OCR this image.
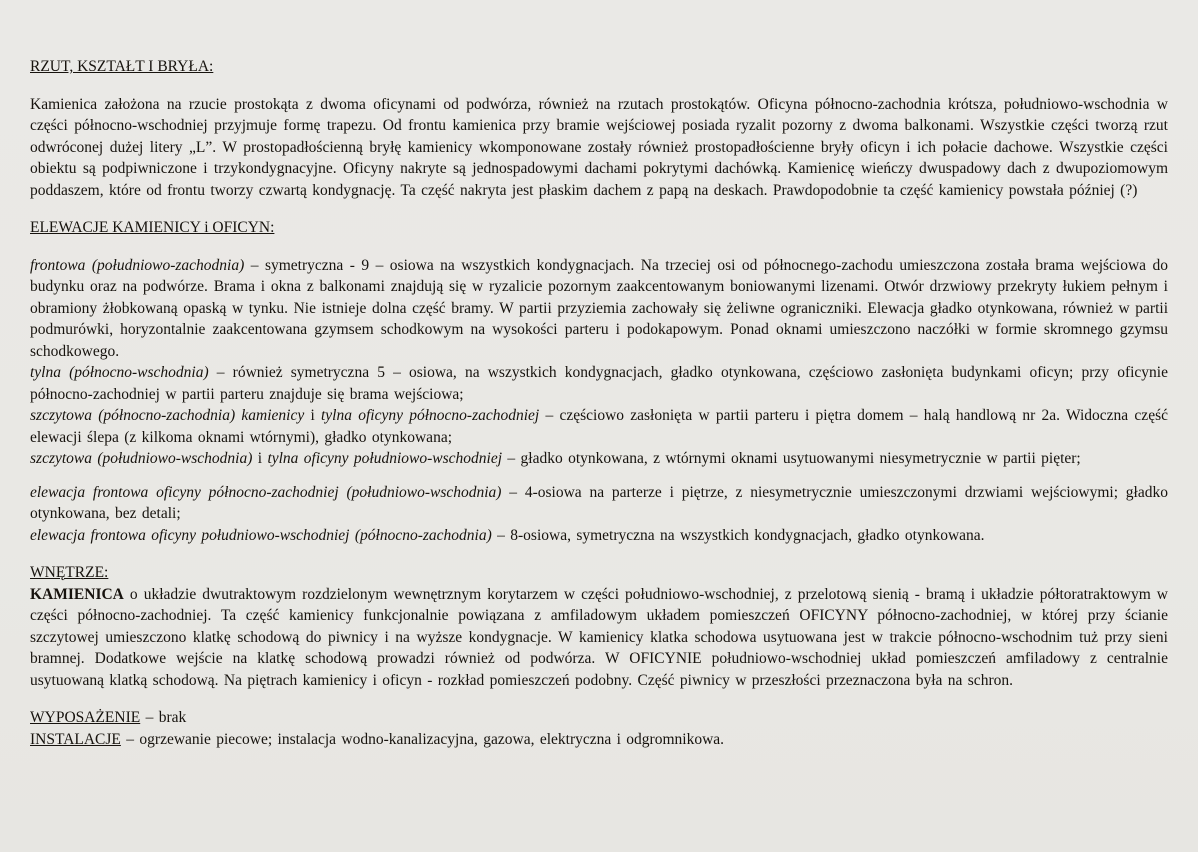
RZUT, KSZTAŁT I BRYŁA:

Kamienica założona na rzucie prostokąta z dwoma oficynami od podwórza, również na rzutach prostokątów. Oficyna północno-zachodnia krótsza, południowo-wschodnia w części północno-wschodniej przyjmuje formę trapezu. Od frontu kamienica przy bramie wejściowej posiada ryzalit pozorny z dwoma balkonami. Wszystkie części tworzą rzut odwróconej dużej litery „L”. W prostopadłościenną bryłę kamienicy wkomponowane zostały również prostopadłościenne bryły oficyn i ich połacie dachowe. Wszystkie części obiektu są podpiwniczone i trzykondygnacyjne. Oficyny nakryte są jednospadowymi dachami pokrytymi dachówką. Kamienicę wieńczy dwuspadowy dach z dwupoziomowym poddaszem, które od frontu tworzy czwartą kondygnację. Ta część nakryta jest płaskim dachem z papą na deskach. Prawdopodobnie ta część kamienicy powstała później (?)

ELEWACJE KAMIENICY i OFICYN:

frontowa (południowo-zachodnia) – symetryczna - 9 – osiowa na wszystkich kondygnacjach. Na trzeciej osi od północnego-zachodu umieszczona została brama wejściowa do budynku oraz na podwórze. Brama i okna z balkonami znajdują się w ryzalicie pozornym zaakcentowanym boniowanymi lizenami. Otwór drzwiowy przekryty łukiem pełnym i obramiony żłobkowaną opaską w tynku. Nie istnieje dolna część bramy. W partii przyziemia zachowały się żeliwne ograniczniki. Elewacja gładko otynkowana, również w partii podmurówki, horyzontalnie zaakcentowana gzymsem schodkowym na wysokości parteru i podokapowym. Ponad oknami umieszczono naczółki w formie skromnego gzymsu schodkowego.

tylna (północno-wschodnia) – również symetryczna 5 – osiowa, na wszystkich kondygnacjach, gładko otynkowana, częściowo zasłonięta budynkami oficyn; przy oficynie północno-zachodniej w partii parteru znajduje się brama wejściowa;

szczytowa (północno-zachodnia) kamienicy i tylna oficyny północno-zachodniej – częściowo zasłonięta w partii parteru i piętra domem – halą handlową nr 2a. Widoczna część elewacji ślepa (z kilkoma oknami wtórnymi), gładko otynkowana;

szczytowa (południowo-wschodnia) i tylna oficyny południowo-wschodniej – gładko otynkowana, z wtórnymi oknami usytuowanymi niesymetrycznie w partii pięter;

elewacja frontowa oficyny północno-zachodniej (południowo-wschodnia) – 4-osiowa na parterze i piętrze, z niesymetrycznie umieszczonymi drzwiami wejściowymi; gładko otynkowana, bez detali;

elewacja frontowa oficyny południowo-wschodniej (północno-zachodnia) – 8-osiowa, symetryczna na wszystkich kondygnacjach, gładko otynkowana.

WNĘTRZE:

KAMIENICA o układzie dwutraktowym rozdzielonym wewnętrznym korytarzem w części południowo-wschodniej, z przelotową sienią - bramą i układzie półtoratraktowym w części północno-zachodniej. Ta część kamienicy funkcjonalnie powiązana z amfiladowym układem pomieszczeń OFICYNY północno-zachodniej, w której przy ścianie szczytowej umieszczono klatkę schodową do piwnicy i na wyższe kondygnacje. W kamienicy klatka schodowa usytuowana jest w trakcie północno-wschodnim tuż przy sieni bramnej. Dodatkowe wejście na klatkę schodową prowadzi również od podwórza. W OFICYNIE południowo-wschodniej układ pomieszczeń amfiladowy z centralnie usytuowaną klatką schodową. Na piętrach kamienicy i oficyn - rozkład pomieszczeń podobny. Część piwnicy w przeszłości przeznaczona była na schron.

WYPOSAŻENIE – brak

INSTALACJE – ogrzewanie piecowe; instalacja wodno-kanalizacyjna, gazowa, elektryczna i odgromnikowa.
